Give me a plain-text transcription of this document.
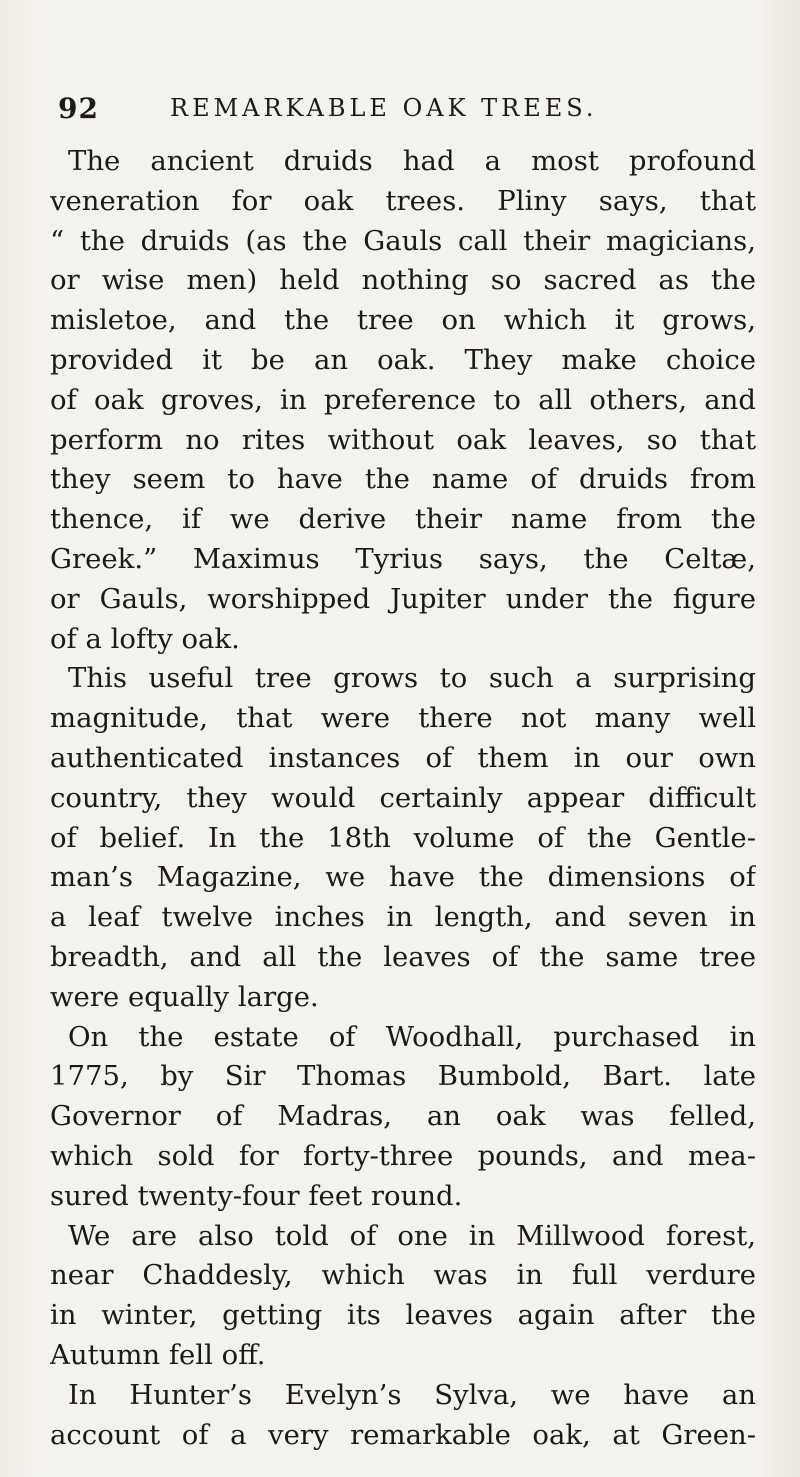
92	REMARKABLE OAK TREES.
The ancient druids had a most profound
veneration for oak trees. Pliny says, that
“ the druids (as the Gauls call their magicians,
or wise men) held nothing so sacred as the
misletoe, and the tree on which it grows,
provided it be an oak. They make choice
of oak groves, in preference to all others, and
perform no rites without oak leaves, so that
they seem to have the name of druids from
thence, if we derive their name from the
Greek.” Maximus Tyrius says, the Celtæ,
or Gauls, worshipped Jupiter under the figure
of a lofty oak.
This useful tree grows to such a surprising
magnitude, that were there not many well
authenticated instances of them in our own
country, they would certainly appear difficult
of belief. In the 18th volume of the Gentle-
man’s Magazine, we have the dimensions of
a leaf twelve inches in length, and seven in
breadth, and all the leaves of the same tree
were equally large.
On the estate of Woodhall, purchased in
1775, by Sir Thomas Bumbold, Bart. late
Governor of Madras, an oak was felled,
which sold for forty-three pounds, and mea-
sured twenty-four feet round.
We are also told of one in Millwood forest,
near Chaddesly, which was in full verdure
in winter, getting its leaves again after the
Autumn fell off.
In Hunter’s Evelyn’s Sylva, we have an
account of a very remarkable oak, at Green-
